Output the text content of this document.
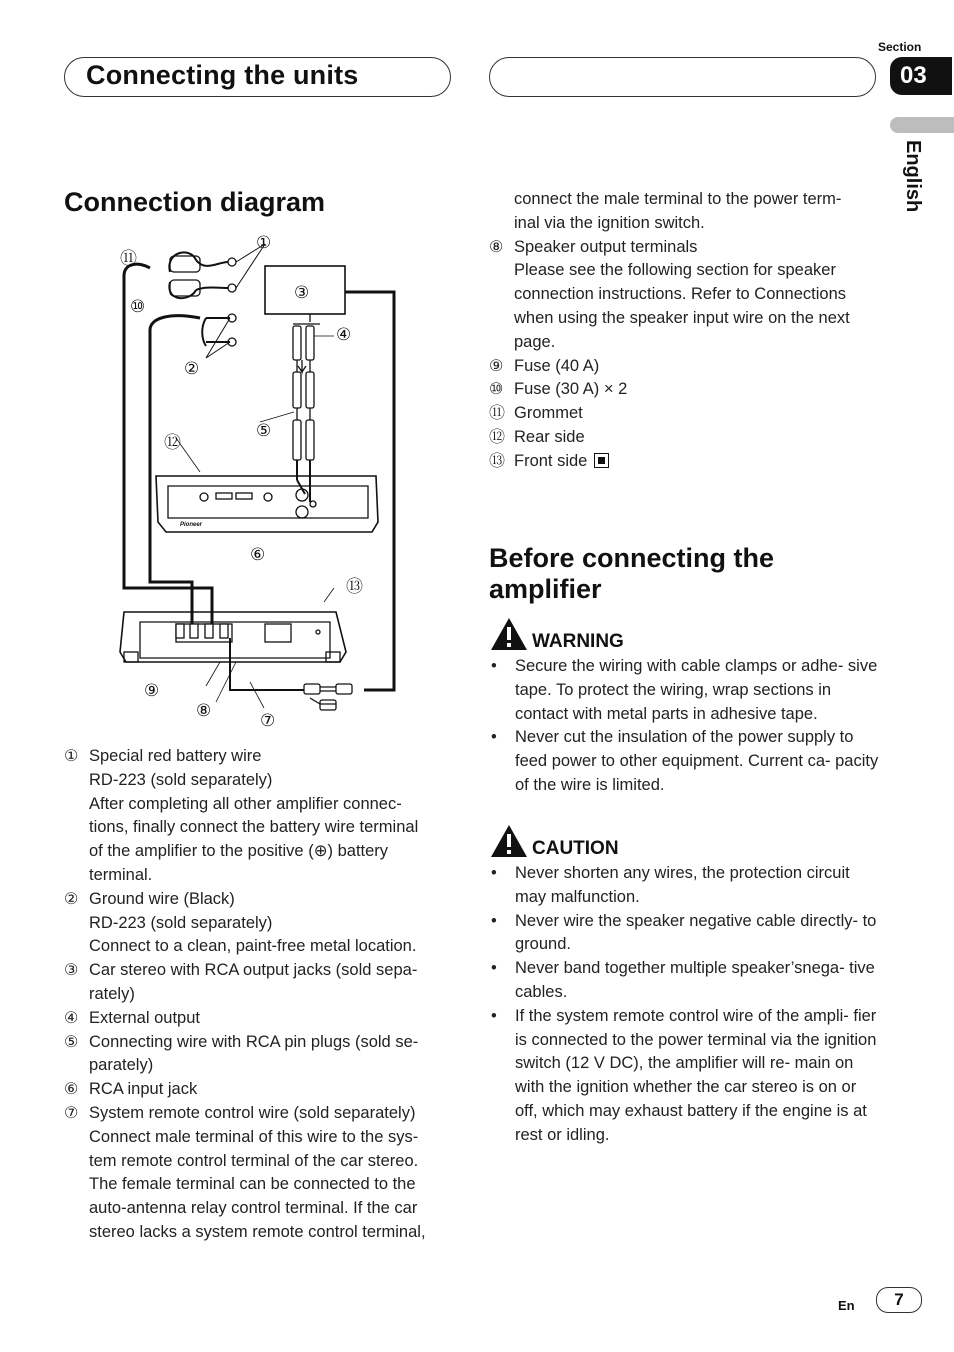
Connecting the units
Section
03
English
Connection diagram
Pioneer
①
②
③
④
⑤
⑥
⑦
⑧
⑨
⑩
⑪
⑫
⑬
① Special red battery wire
RD-223 (sold separately)
After completing all other amplifier connec-
tions, finally connect the battery wire terminal
of the amplifier to the positive (⊕) battery
terminal.
② Ground wire (Black)
RD-223 (sold separately)
Connect to a clean, paint-free metal location.
③ Car stereo with RCA output jacks (sold sepa-
rately)
④ External output
⑤ Connecting wire with RCA pin plugs (sold se-
parately)
⑥ RCA input jack
⑦ System remote control wire (sold separately)
Connect male terminal of this wire to the sys-
tem remote control terminal of the car stereo.
The female terminal can be connected to the
auto-antenna relay control terminal. If the car
stereo lacks a system remote control terminal,
connect the male terminal to the power term-
inal via the ignition switch.
⑧ Speaker output terminals
Please see the following section for speaker
connection instructions. Refer to Connections
when using the speaker input wire on the next
page.
⑨ Fuse (40 A)
⑩ Fuse (30 A) × 2
⑪ Grommet
⑫ Rear side
⑬ Front side
Before connecting the
amplifier
WARNING
• Secure the wiring with cable clamps or adhe- sive tape. To protect the wiring, wrap sections in contact with metal parts in adhesive tape.
• Never cut the insulation of the power supply to feed power to other equipment. Current ca- pacity of the wire is limited.
CAUTION
• Never shorten any wires, the protection circuit may malfunction.
• Never wire the speaker negative cable directly- to ground.
• Never band together multiple speaker’snega- tive cables.
• If the system remote control wire of the ampli- fier is connected to the power terminal via the ignition switch (12 V DC), the amplifier will re- main on with the ignition whether the car stereo is on or off, which may exhaust battery if the engine is at rest or idling.
En	7
